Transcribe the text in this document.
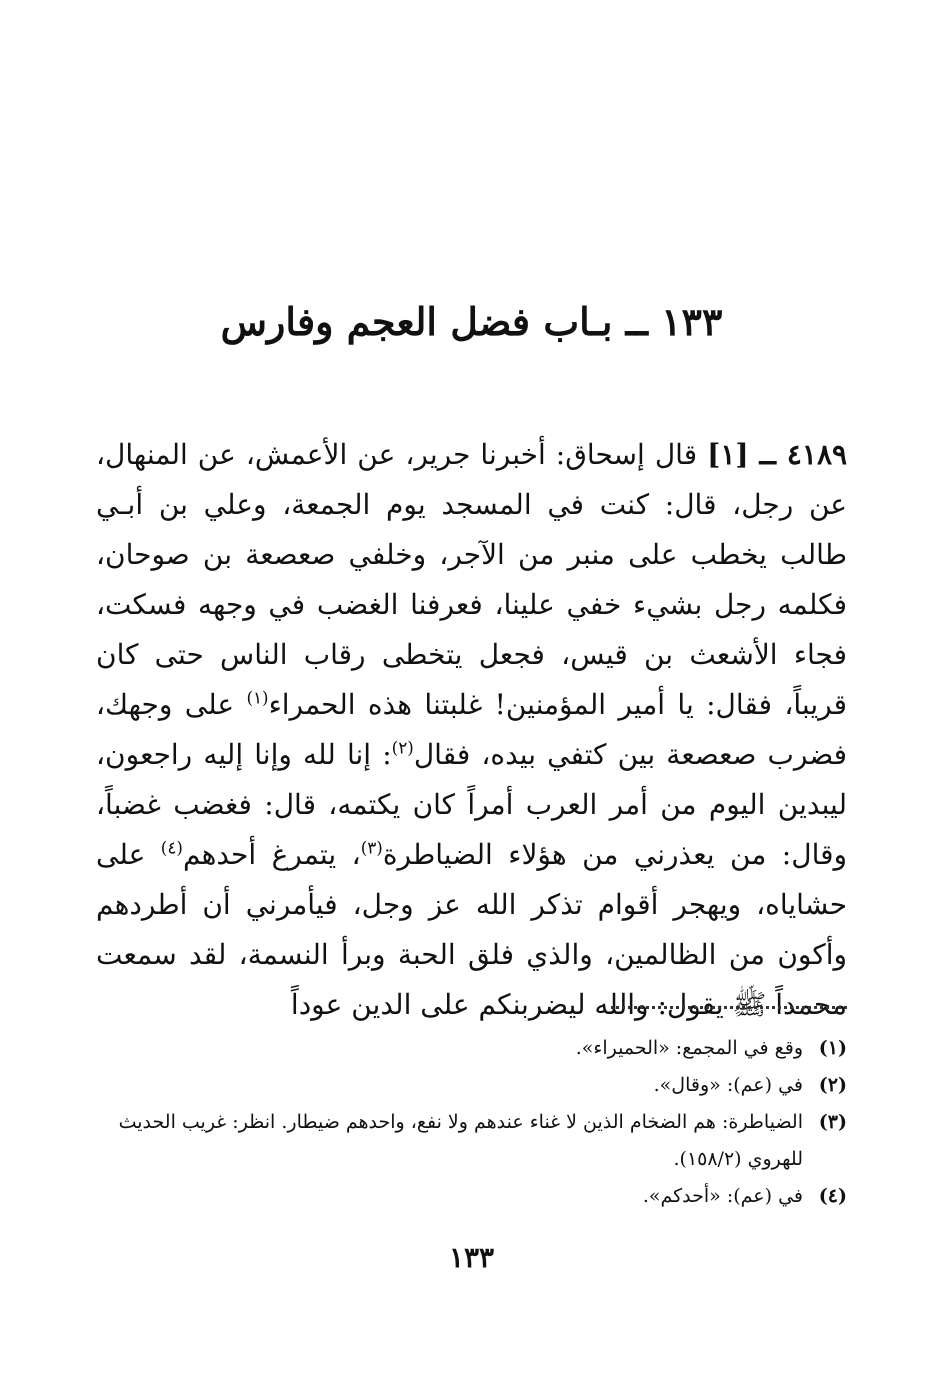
١٣٣ ــ بـاب فضل العجم وفارس

٤١٨٩ ــ [١] قال إسحاق: أخبرنا جرير، عن الأعمش، عن المنهال، عن رجل، قال: كنت في المسجد يوم الجمعة، وعلي بن أبـي طالب يخطب على منبر من الآجر، وخلفي صعصعة بن صوحان، فكلمه رجل بشيء خفي علينا، فعرفنا الغضب في وجهه فسكت، فجاء الأشعث بن قيس، فجعل يتخطى رقاب الناس حتى كان قريباً، فقال: يا أمير المؤمنين! غلبتنا هذه الحمراء$^{(١)}$ على وجهك، فضرب صعصعة بين كتفي بيده، فقال$^{(٢)}$: إنا لله وإنا إليه راجعون، ليبدين اليوم من أمر العرب أمراً كان يكتمه، قال: فغضب غضباً، وقال: من يعذرني من هؤلاء الضياطرة$^{(٣)}$، يتمرغ أحدهم$^{(٤)}$ على حشاياه، ويهجر أقوام تذكر الله عز وجل، فيأمرني أن أطردهم وأكون من الظالمين، والذي فلق الحبة وبرأ النسمة، لقد سمعت محمداً ﷺ يقول: والله ليضربنكم على الدين عوداً

(١)
وقع في المجمع: «الحميراء».
(٢)
في (عم): «وقال».
(٣)
الضياطرة: هم الضخام الذين لا غناء عندهم ولا نفع، واحدهم ضيطار. انظر: غريب الحديث للهروي (١٥٨/٢).
(٤)
في (عم): «أحدكم».
١٣٣
